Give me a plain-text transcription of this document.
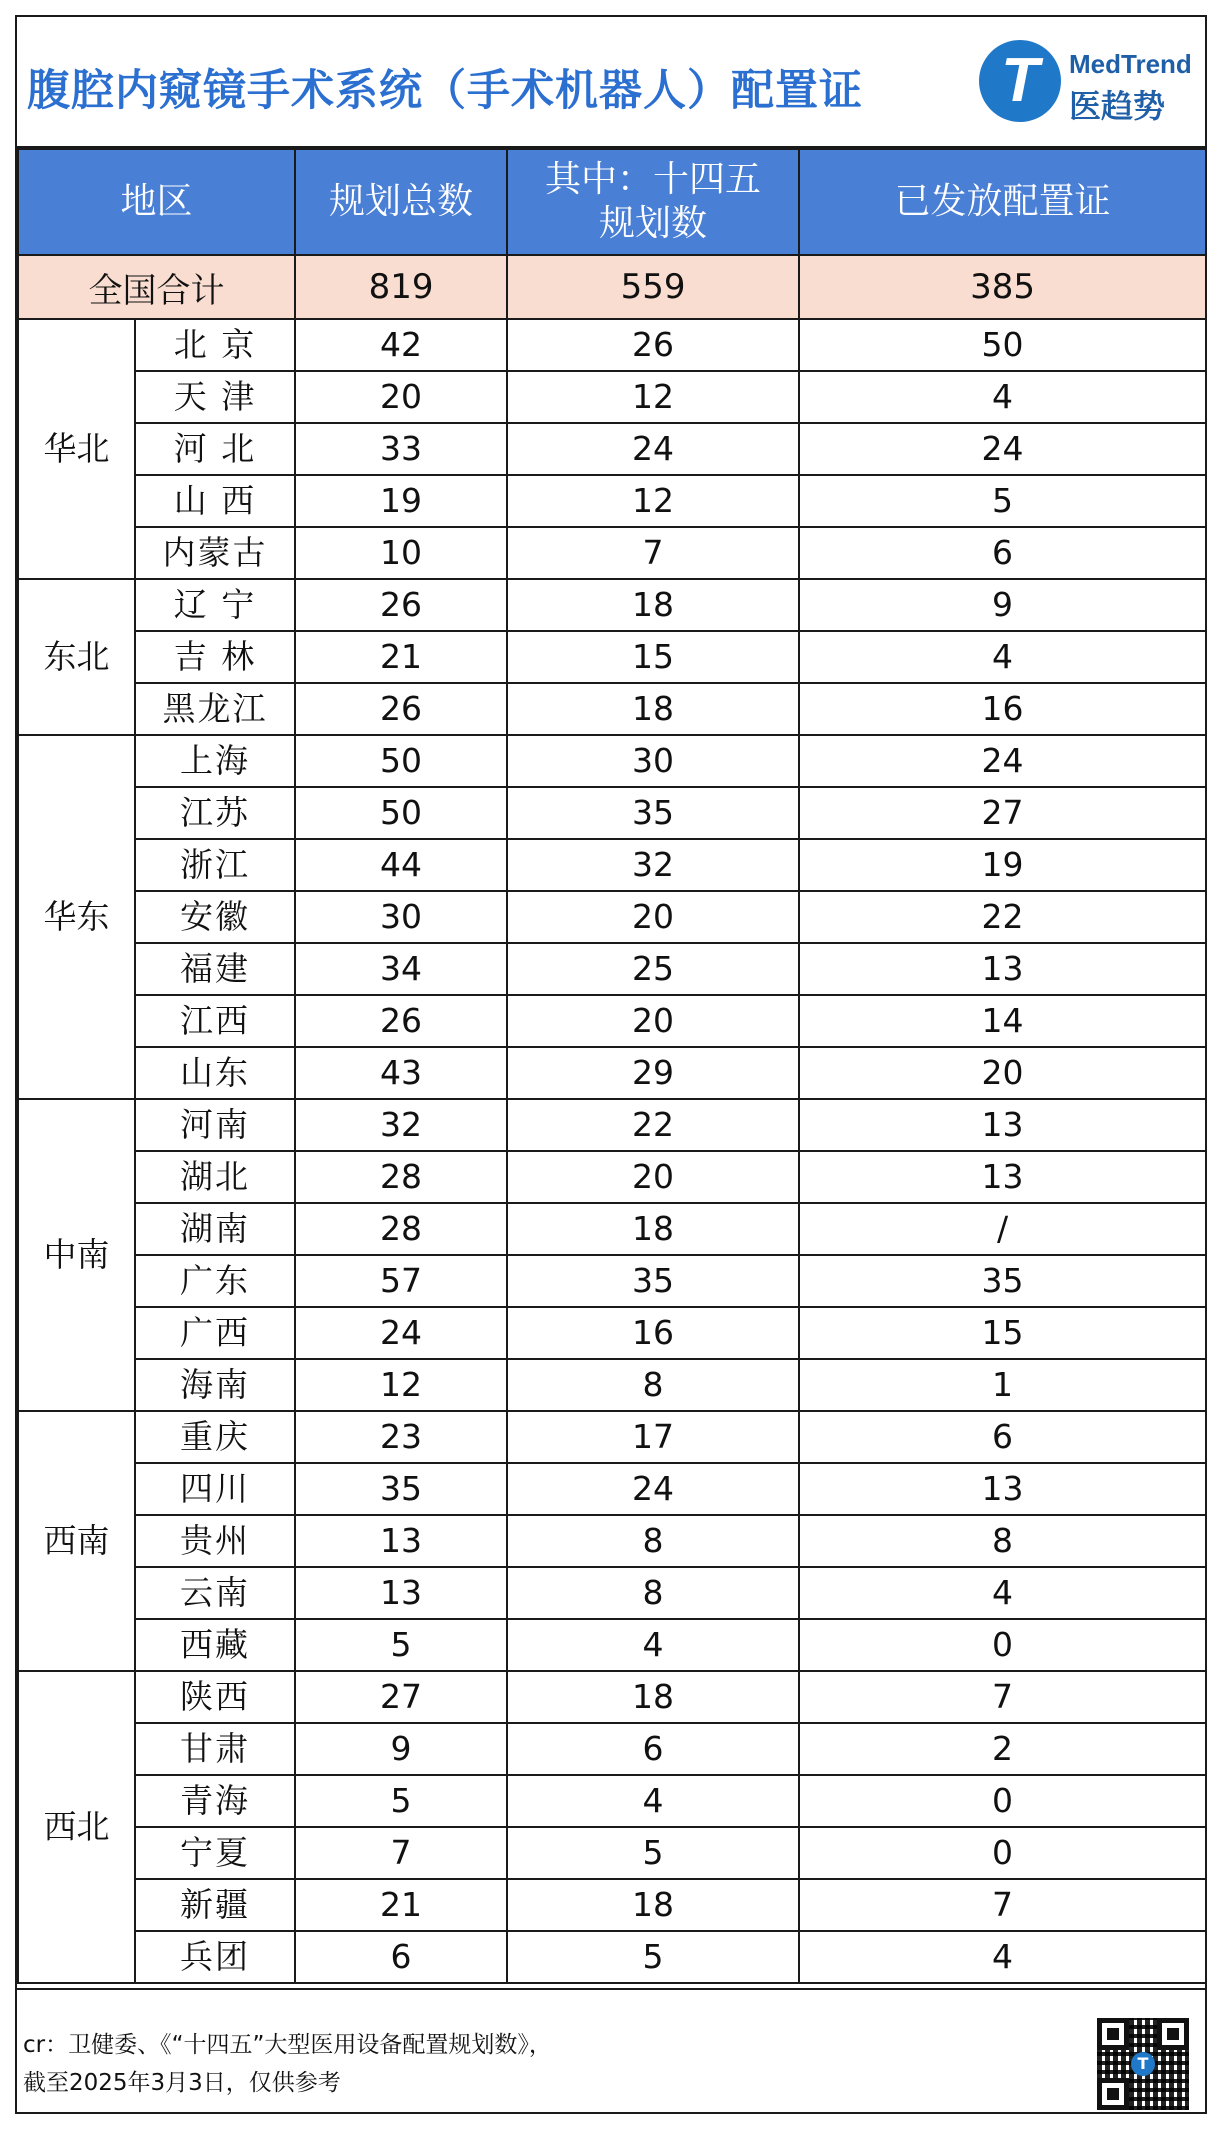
腹腔内窥镜手术系统（手术机器人）配置证	T	MedTrend
医趋势
地区		规划总数	其中：十四五
规划数	已发放配置证
全国合计		819	559	385
华北	北 京	42	26	50
	天 津	20	12	4
	河 北	33	24	24
	山 西	19	12	5
	内蒙古	10	7	6
东北	辽 宁	26	18	9
	吉 林	21	15	4
	黑龙江	26	18	16
华东	上海	50	30	24
	江苏	50	35	27
	浙江	44	32	19
	安徽	30	20	22
	福建	34	25	13
	江西	26	20	14
	山东	43	29	20
中南	河南	32	22	13
	湖北	28	20	13
	湖南	28	18	/
	广东	57	35	35
	广西	24	16	15
	海南	12	8	1
西南	重庆	23	17	6
	四川	35	24	13
	贵州	13	8	8
	云南	13	8	4
	西藏	5	4	0
西北	陕西	27	18	7
	甘肃	9	6	2
	青海	5	4	0
	宁夏	7	5	0
	新疆	21	18	7
	兵团	6	5	4
cr：卫健委、《“十四五”大型医用设备配置规划数》，
截至2025年3月3日，仅供参考
T
